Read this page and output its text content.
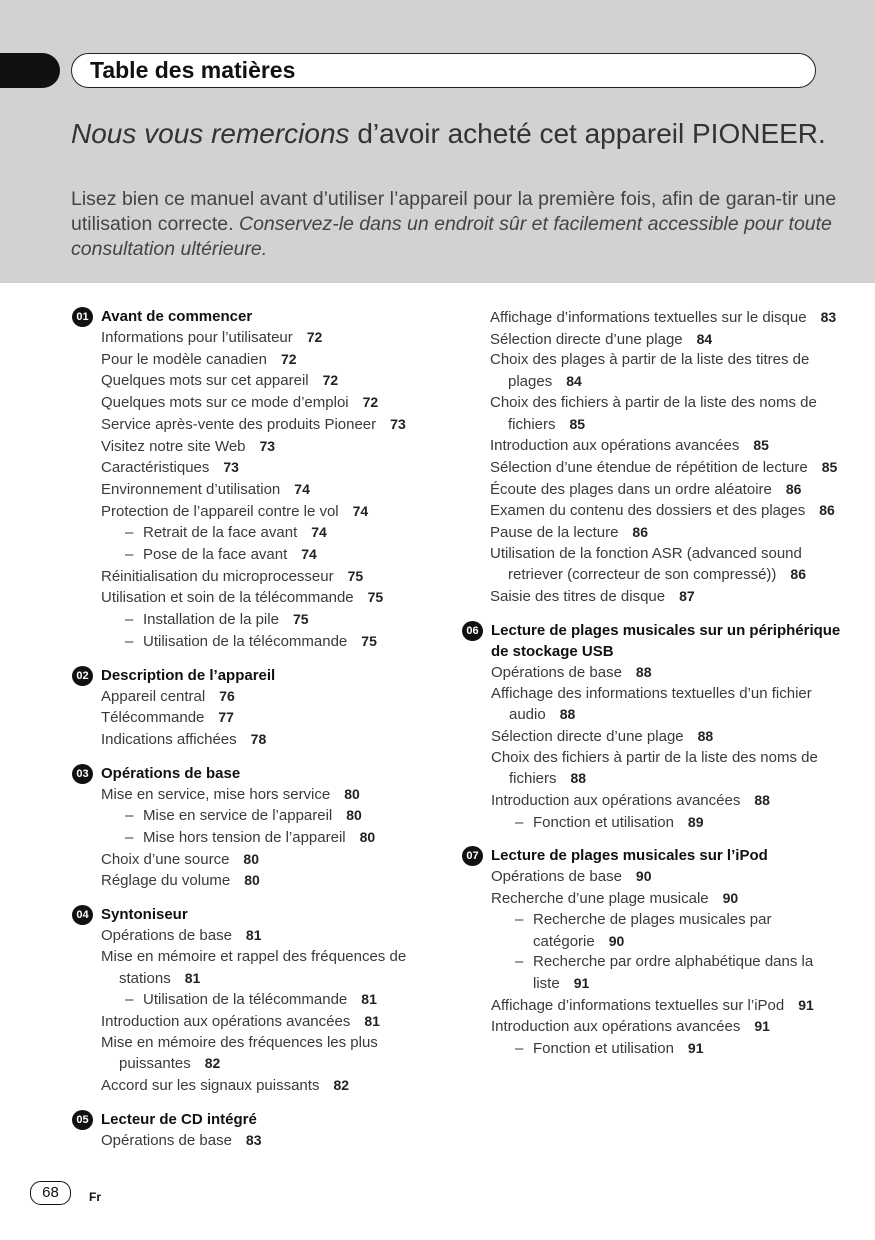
Table des matières
Nous vous remercions d’avoir acheté cet appareil PIONEER.
Lisez bien ce manuel avant d’utiliser l’appareil pour la première fois, afin de garan-tir une utilisation correcte. Conservez-le dans un endroit sûr et facilement accessible pour toute consultation ultérieure.
01 Avant de commencer
Informations pour l’utilisateur 72
Pour le modèle canadien 72
Quelques mots sur cet appareil 72
Quelques mots sur ce mode d’emploi 72
Service après-vente des produits Pioneer 73
Visitez notre site Web 73
Caractéristiques 73
Environnement d’utilisation 74
Protection de l’appareil contre le vol 74
– Retrait de la face avant 74
– Pose de la face avant 74
Réinitialisation du microprocesseur 75
Utilisation et soin de la télécommande 75
– Installation de la pile 75
– Utilisation de la télécommande 75
02 Description de l’appareil
Appareil central 76
Télécommande 77
Indications affichées 78
03 Opérations de base
Mise en service, mise hors service 80
– Mise en service de l’appareil 80
– Mise hors tension de l’appareil 80
Choix d’une source 80
Réglage du volume 80
04 Syntoniseur
Opérations de base 81
Mise en mémoire et rappel des fréquences de stations 81
– Utilisation de la télécommande 81
Introduction aux opérations avancées 81
Mise en mémoire des fréquences les plus puissantes 82
Accord sur les signaux puissants 82
05 Lecteur de CD intégré
Opérations de base 83
Affichage d’informations textuelles sur le disque 83
Sélection directe d’une plage 84
Choix des plages à partir de la liste des titres de plages 84
Choix des fichiers à partir de la liste des noms de fichiers 85
Introduction aux opérations avancées 85
Sélection d’une étendue de répétition de lecture 85
Écoute des plages dans un ordre aléatoire 86
Examen du contenu des dossiers et des plages 86
Pause de la lecture 86
Utilisation de la fonction ASR (advanced sound retriever (correcteur de son compressé)) 86
Saisie des titres de disque 87
06 Lecture de plages musicales sur un périphérique de stockage USB
Opérations de base 88
Affichage des informations textuelles d’un fichier audio 88
Sélection directe d’une plage 88
Choix des fichiers à partir de la liste des noms de fichiers 88
Introduction aux opérations avancées 88
– Fonction et utilisation 89
07 Lecture de plages musicales sur l’iPod
Opérations de base 90
Recherche d’une plage musicale 90
– Recherche de plages musicales par catégorie 90
– Recherche par ordre alphabétique dans la liste 91
Affichage d’informations textuelles sur l’iPod 91
Introduction aux opérations avancées 91
– Fonction et utilisation 91
68	Fr
